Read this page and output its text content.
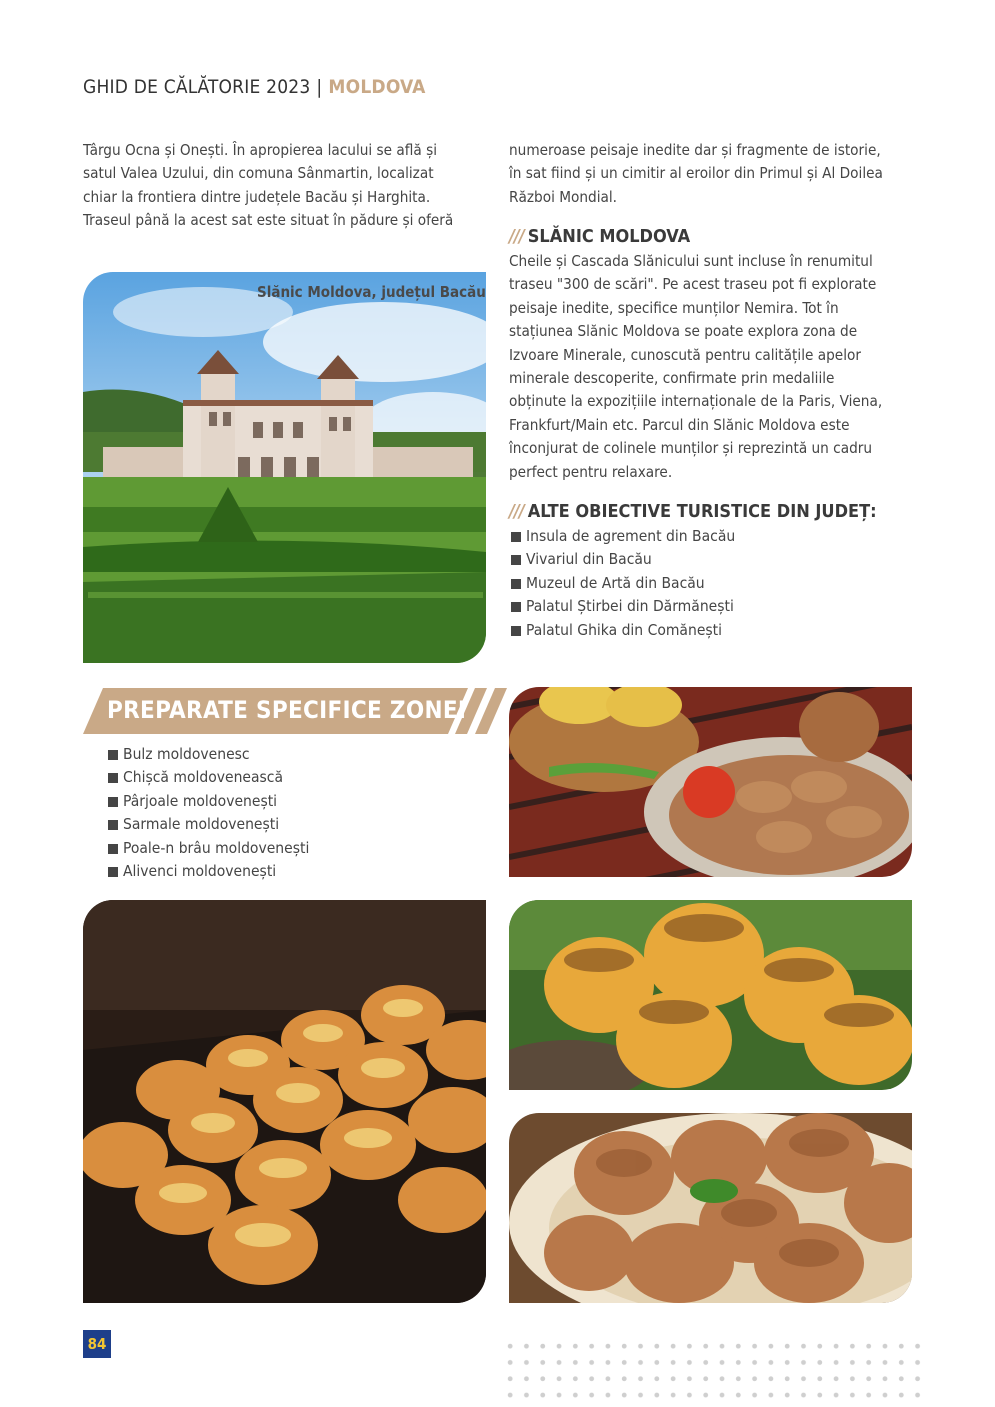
GHID DE CĂLĂTORIE 2023 | MOLDOVA
Târgu Ocna și Onești. În apropierea lacului se află și
satul Valea Uzului, din comuna Sânmartin, localizat
chiar la frontiera dintre județele Bacău și Harghita.
Traseul până la acest sat este situat în pădure și oferă
numeroase peisaje inedite dar și fragmente de istorie,
în sat fiind și un cimitir al eroilor din Primul și Al Doilea
Război Mondial.
/// SLĂNIC MOLDOVA
Cheile și Cascada Slănicului sunt incluse în renumitul
traseu "300 de scări". Pe acest traseu pot fi explorate
peisaje inedite, specifice munților Nemira. Tot în
stațiunea Slănic Moldova se poate explora zona de
Izvoare Minerale, cunoscută pentru calitățile apelor
minerale descoperite, confirmate prin medaliile
obținute la expozițiile internaționale de la Paris, Viena,
Frankfurt/Main etc. Parcul din Slănic Moldova este
înconjurat de colinele munților și reprezintă un cadru
perfect pentru relaxare.
/// ALTE OBIECTIVE TURISTICE DIN JUDEȚ:
Insula de agrement din Bacău
Vivariul din Bacău
Muzeul de Artă din Bacău
Palatul Știrbei din Dărmănești
Palatul Ghika din Comănești
Slănic Moldova, județul Bacău
PREPARATE SPECIFICE ZONEI
Bulz moldovenesc
Chișcă moldovenească
Pârjoale moldovenești
Sarmale moldovenești
Poale-n brâu moldovenești
Alivenci moldovenești
84
